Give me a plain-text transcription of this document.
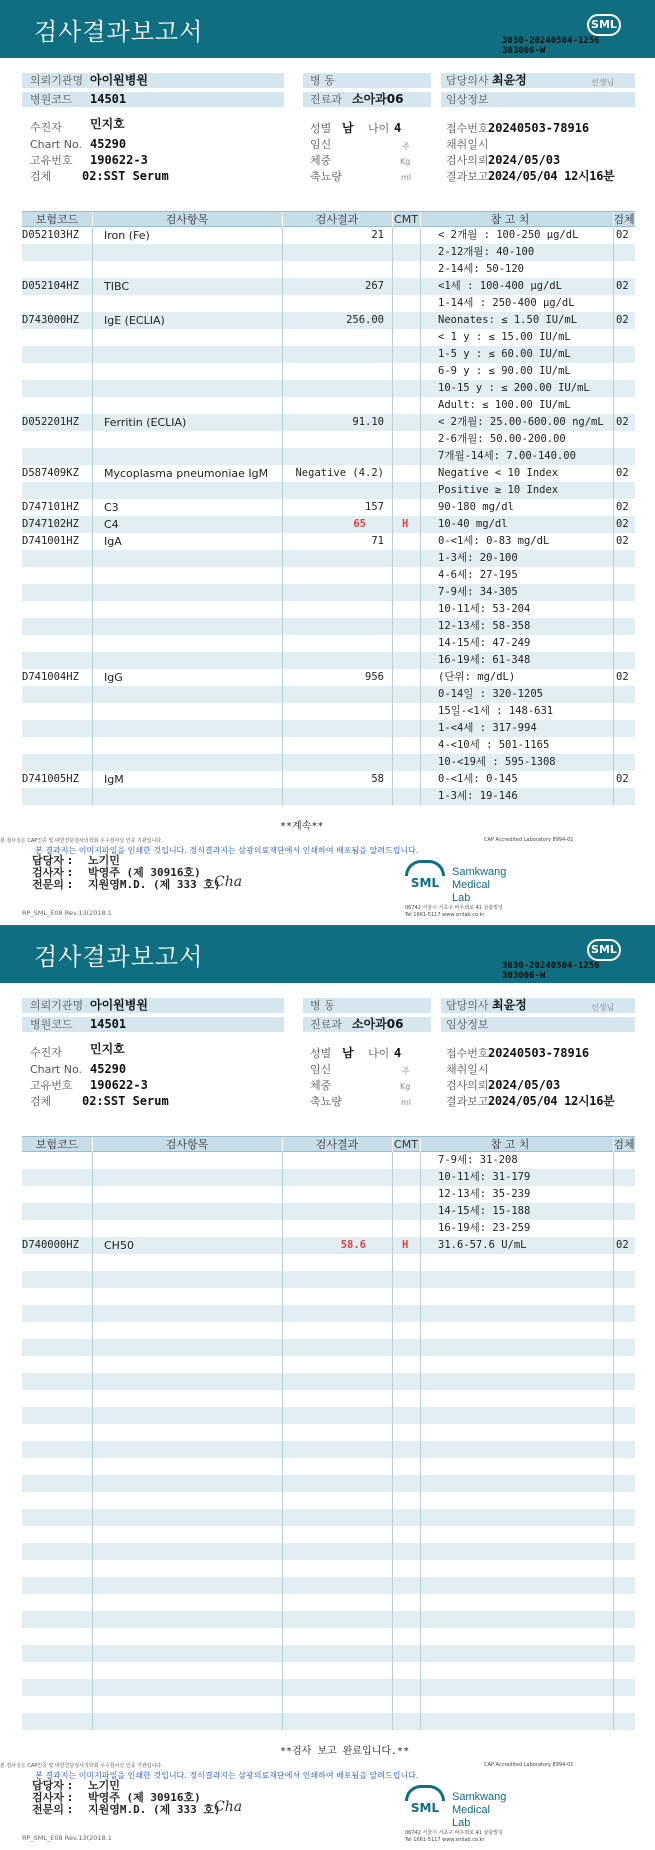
검사결과보고서	SML
3030-20240504-1256
303006-W
의뢰기관명 아이원병원
병원코드 14501
병 동
진료과 소아과06
담당의사 최윤정	선생님
임상정보
수진자 민지호
Chart No. 45290
고유번호 190622-3
검체	02:SST Serum
성별 남	나이 4
임신	주
체중	Kg
축뇨량	ml
접수번호 20240503-78916
채취일시
검사의뢰 2024/05/03
결과보고 2024/05/04 12시16분
보험코드	검사항목	검사결과	CMT	참 고 치	검체
D052103HZ	Iron (Fe)	21	< 2개월 : 100-250 μg/dL	02
2-12개월: 40-100
2-14세: 50-120
D052104HZ	TIBC	267	<1세 : 100-400 μg/dL	02
1-14세 : 250-400 μg/dL
D743000HZ	IgE (ECLIA)	256.00	Neonates: ≤ 1.50 IU/mL	02
< 1 y : ≤ 15.00 IU/mL
1-5 y : ≤ 60.00 IU/mL
6-9 y : ≤ 90.00 IU/mL
10-15 y : ≤ 200.00 IU/mL
Adult: ≤ 100.00 IU/mL
D052201HZ	Ferritin (ECLIA)	91.10	< 2개월: 25.00-600.00 ng/mL	02
2-6개월: 50.00-200.00
7개월-14세: 7.00-140.00
D587409KZ	Mycoplasma pneumoniae IgM	Negative (4.2)	Negative < 10 Index	02
Positive ≥ 10 Index
D747101HZ	C3	157	90-180 mg/dl	02
D747102HZ	C4	65	H	10-40 mg/dl	02
D741001HZ	IgA	71	0-<1세: 0-83 mg/dL	02
1-3세: 20-100
4-6세: 27-195
7-9세: 34-305
10-11세: 53-204
12-13세: 58-358
14-15세: 47-249
16-19세: 61-348
D741004HZ	IgG	956	(단위: mg/dL)	02
0-14일 : 320-1205
15일-<1세 : 148-631
1-<4세 : 317-994
4-<10세 : 501-1165
10-<19세 : 595-1308
D741005HZ	IgM	58	0-<1세: 0-145	02
1-3세: 19-146
**계속**
본 검사실은 CAP인증 및 대한진단검사의학회 우수검사실 인증 기관입니다.	CAP Accredited Laboratory 8994-01
본 결과지는 이미지파일을 인쇄한 것입니다. 정식결과지는 삼광의료재단에서 인쇄하여 배포됨을 알려드립니다.
담당자 : 노기민
검사자 : 박영주 (제 30916호)
전문의 : 지원영M.D. (제 333 호)
Cha	SML
Samkwang
Medical Lab
06742 서울시 서초구 바우뫼로 41 삼광빌딩
Tel 1661-5117 www.smlab.co.kr
RP_SML_E08 Rev.13(2018.1
검사결과보고서	SML
3030-20240504-1256
303006-W
의뢰기관명 아이원병원
병원코드 14501
병 동
진료과 소아과06
담당의사 최윤정	선생님
임상정보
수진자 민지호
Chart No. 45290
고유번호 190622-3
검체	02:SST Serum
성별 남	나이 4
임신	주
체중	Kg
축뇨량	ml
접수번호 20240503-78916
채취일시
검사의뢰 2024/05/03
결과보고 2024/05/04 12시16분
보험코드	검사항목	검사결과	CMT	참 고 치	검체
7-9세: 31-208
10-11세: 31-179
12-13세: 35-239
14-15세: 15-188
16-19세: 23-259
D740000HZ	CH50	58.6	H	31.6-57.6 U/mL	02
**검사 보고 완료입니다.**
본 검사실은 CAP인증 및 대한진단검사의학회 우수검사실 인증 기관입니다.	CAP Accredited Laboratory 8994-01
본 결과지는 이미지파일을 인쇄한 것입니다. 정식결과지는 삼광의료재단에서 인쇄하여 배포됨을 알려드립니다.
담당자 : 노기민
검사자 : 박영주 (제 30916호)
전문의 : 지원영M.D. (제 333 호)
Cha	SML
Samkwang
Medical Lab
06742 서울시 서초구 바우뫼로 41 삼광빌딩
Tel 1661-5117 www.smlab.co.kr
RP_SML_E08 Rev.13(2018.1
